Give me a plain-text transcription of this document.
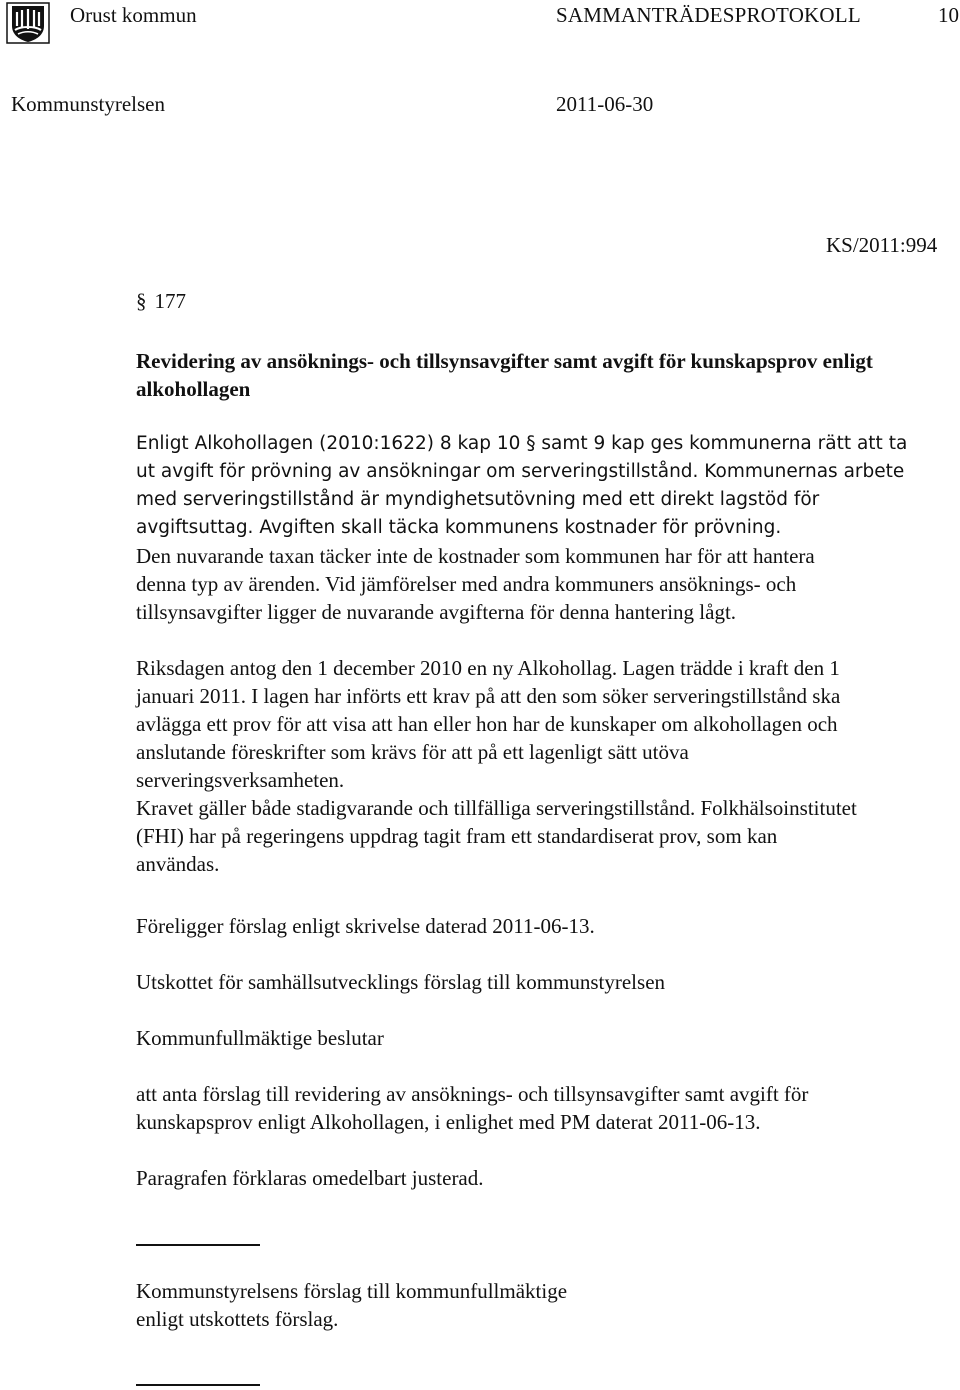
Orust kommun	SAMMANTRÄDESPROTOKOLL	10
Kommunstyrelsen	2011-06-30
KS/2011:994
§ 177
Revidering av ansöknings- och tillsynsavgifter samt avgift för kunskapsprov enligt alkohollagen
Enligt Alkohollagen (2010:1622) 8 kap 10 § samt 9 kap ges kommunerna rätt att ta
ut avgift för prövning av ansökningar om serveringstillstånd. Kommunernas arbete
med serveringstillstånd är myndighetsutövning med ett direkt lagstöd för
avgiftsuttag. Avgiften skall täcka kommunens kostnader för prövning.
Den nuvarande taxan täcker inte de kostnader som kommunen har för att hantera
denna typ av ärenden. Vid jämförelser med andra kommuners ansöknings- och
tillsynsavgifter ligger de nuvarande avgifterna för denna hantering lågt.
Riksdagen antog den 1 december 2010 en ny Alkohollag. Lagen trädde i kraft den 1
januari 2011. I lagen har införts ett krav på att den som söker serveringstillstånd ska
avlägga ett prov för att visa att han eller hon har de kunskaper om alkohollagen och
anslutande föreskrifter som krävs för att på ett lagenligt sätt utöva
serveringsverksamheten.
Kravet gäller både stadigvarande och tillfälliga serveringstillstånd. Folkhälsoinstitutet
(FHI) har på regeringens uppdrag tagit fram ett standardiserat prov, som kan
användas.
Föreligger förslag enligt skrivelse daterad 2011-06-13.
Utskottet för samhällsutvecklings förslag till kommunstyrelsen
Kommunfullmäktige beslutar
att anta förslag till revidering av ansöknings- och tillsynsavgifter samt avgift för
kunskapsprov enligt Alkohollagen, i enlighet med PM daterat 2011-06-13.
Paragrafen förklaras omedelbart justerad.
Kommunstyrelsens förslag till kommunfullmäktige
enligt utskottets förslag.
